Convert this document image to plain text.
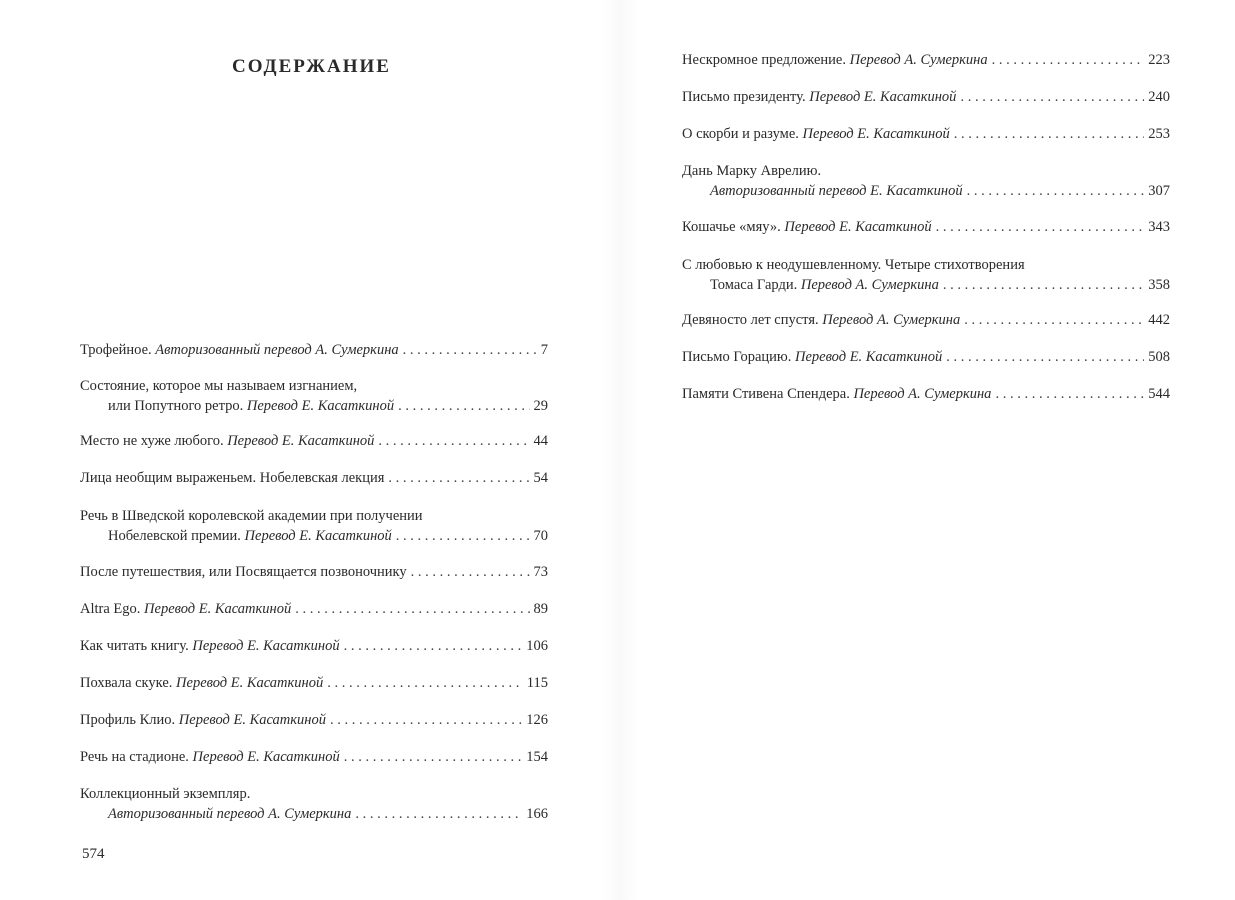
СОДЕРЖАНИЕ
Трофейное. Авторизованный перевод А. Сумеркина . . .	7
Состояние, которое мы называем изгнанием,
или Попутного ретро. Перевод Е. Касаткиной . . .	29
Место не хуже любого. Перевод Е. Касаткиной . . .	44
Лица необщим выраженьем. Нобелевская лекция . . .	54
Речь в Шведской королевской академии при получении
Нобелевской премии. Перевод Е. Касаткиной . . .	70
После путешествия, или Посвящается позвоночнику . . .	73
Altra Ego. Перевод Е. Касаткиной . . .	89
Как читать книгу. Перевод Е. Касаткиной . . .	106
Похвала скуке. Перевод Е. Касаткиной . . .	115
Профиль Клио. Перевод Е. Касаткиной . . .	126
Речь на стадионе. Перевод Е. Касаткиной . . .	154
Коллекционный экземпляр.
Авторизованный перевод А. Сумеркина . . .	166
574
Нескромное предложение. Перевод А. Сумеркина . . .	223
Письмо президенту. Перевод Е. Касаткиной . . .	240
О скорби и разуме. Перевод Е. Касаткиной . . .	253
Дань Марку Аврелию.
Авторизованный перевод Е. Касаткиной . . .	307
Кошачье «мяу». Перевод Е. Касаткиной . . .	343
С любовью к неодушевленному. Четыре стихотворения
Томаса Гарди. Перевод А. Сумеркина . . .	358
Девяносто лет спустя. Перевод А. Сумеркина . . .	442
Письмо Горацию. Перевод Е. Касаткиной . . .	508
Памяти Стивена Спендера. Перевод А. Сумеркина . . .	544
